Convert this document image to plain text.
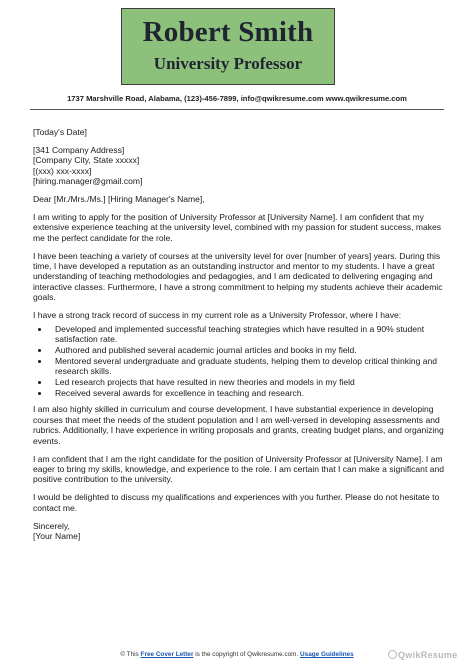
Robert Smith
University Professor
1737 Marshville Road, Alabama, (123)-456-7899, info@qwikresume.com www.qwikresume.com

[Today's Date]

[341 Company Address]
[Company City, State xxxxx]
[(xxx) xxx-xxxx]
[hiring.manager@gmail.com]

Dear [Mr./Mrs./Ms.] [Hiring Manager's Name],

I am writing to apply for the position of University Professor at [University Name]. I am confident that my extensive experience teaching at the university level, combined with my passion for student success, makes me the perfect candidate for the role.

I have been teaching a variety of courses at the university level for over [number of years] years. During this time, I have developed a reputation as an outstanding instructor and mentor to my students. I have a great understanding of teaching methodologies and pedagogies, and I am dedicated to delivering engaging and interactive classes. Furthermore, I have a strong commitment to helping my students achieve their academic goals.

I have a strong track record of success in my current role as a University Professor, where I have:

• Developed and implemented successful teaching strategies which have resulted in a 90% student satisfaction rate.
• Authored and published several academic journal articles and books in my field.
• Mentored several undergraduate and graduate students, helping them to develop critical thinking and research skills.
• Led research projects that have resulted in new theories and models in my field
• Received several awards for excellence in teaching and research.

I am also highly skilled in curriculum and course development. I have substantial experience in developing courses that meet the needs of the student population and I am well-versed in developing assessments and rubrics. Additionally, I have experience in writing proposals and grants, creating budget plans, and organizing events.

I am confident that I am the right candidate for the position of University Professor at [University Name]. I am eager to bring my skills, knowledge, and experience to the role. I am certain that I can make a significant and positive contribution to the university.

I would be delighted to discuss my qualifications and experiences with you further. Please do not hesitate to contact me.

Sincerely,
[Your Name]

© This Free Cover Letter is the copyright of Qwikresume.com. Usage Guidelines	QwikResume
